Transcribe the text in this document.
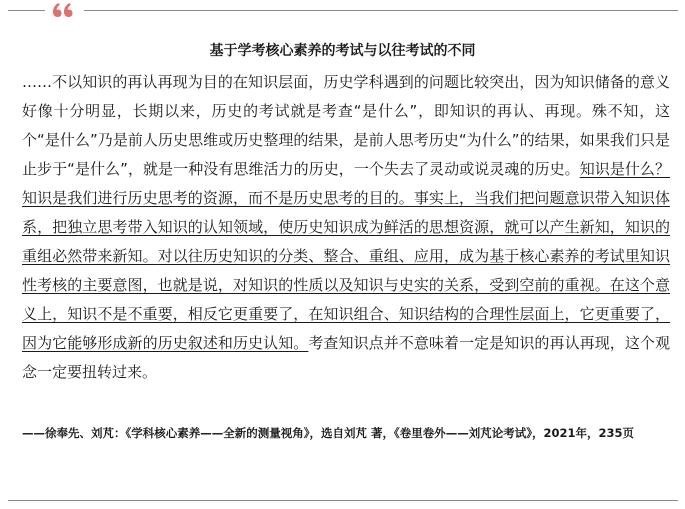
基于学考核心素养的考试与以往考试的不同

……不以知识的再认再现为目的在知识层面，历史学科遇到的问题比较突出，因为知识储备的意义好像十分明显，长期以来，历史的考试就是考查“是什么”，即知识的再认、再现。殊不知，这个“是什么”乃是前人历史思维或历史整理的结果，是前人思考历史“为什么”的结果，如果我们只是止步于“是什么”，就是一种没有思维活力的历史，一个失去了灵动或说灵魂的历史。知识是什么？知识是我们进行历史思考的资源，而不是历史思考的目的。事实上，当我们把问题意识带入知识体系，把独立思考带入知识的认知领域，使历史知识成为鲜活的思想资源，就可以产生新知，知识的重组必然带来新知。对以往历史知识的分类、整合、重组、应用，成为基于核心素养的考试里知识性考核的主要意图，也就是说，对知识的性质以及知识与史实的关系，受到空前的重视。在这个意义上，知识不是不重要，相反它更重要了，在知识组合、知识结构的合理性层面上，它更重要了，因为它能够形成新的历史叙述和历史认知。考查知识点并不意味着一定是知识的再认再现，这个观念一定要扭转过来。

——徐奉先、刘芃：《学科核心素养——全新的测量视角》，选自刘芃 著，《卷里卷外——刘芃论考试》，2021年，235页
